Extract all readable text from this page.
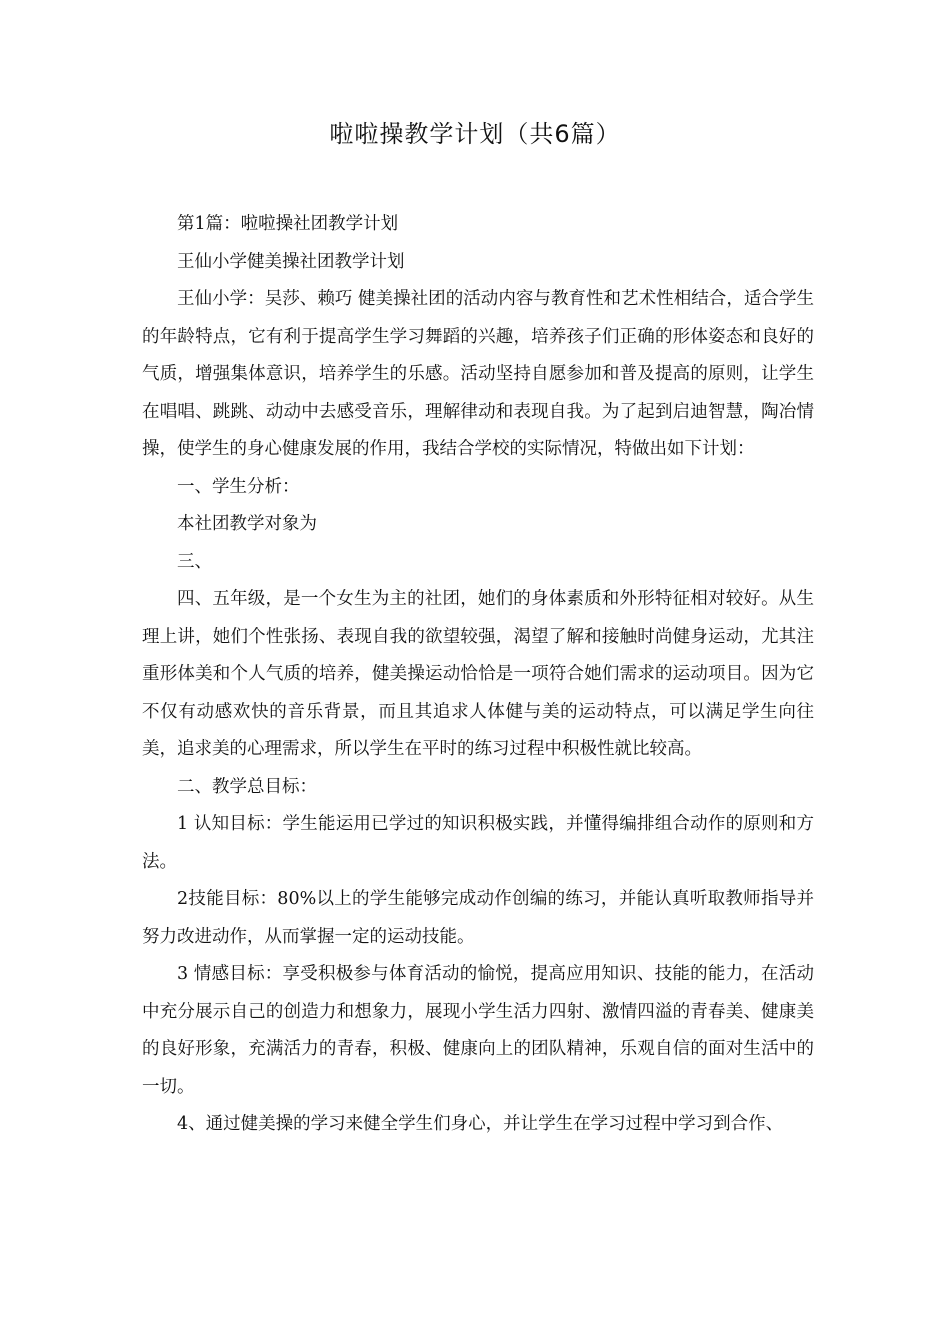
啦啦操教学计划（共6篇）

第1篇：啦啦操社团教学计划

王仙小学健美操社团教学计划

王仙小学：吴莎、赖巧 健美操社团的活动内容与教育性和艺术性相结合，适合学生的年龄特点，它有利于提高学生学习舞蹈的兴趣，培养孩子们正确的形体姿态和良好的气质，增强集体意识，培养学生的乐感。活动坚持自愿参加和普及提高的原则，让学生在唱唱、跳跳、动动中去感受音乐，理解律动和表现自我。为了起到启迪智慧，陶冶情操，使学生的身心健康发展的作用，我结合学校的实际情况，特做出如下计划：

一、学生分析：

本社团教学对象为

三、

四、五年级，是一个女生为主的社团，她们的身体素质和外形特征相对较好。从生理上讲，她们个性张扬、表现自我的欲望较强，渴望了解和接触时尚健身运动，尤其注重形体美和个人气质的培养，健美操运动恰恰是一项符合她们需求的运动项目。因为它不仅有动感欢快的音乐背景，而且其追求人体健与美的运动特点，可以满足学生向往美，追求美的心理需求，所以学生在平时的练习过程中积极性就比较高。

二、教学总目标：

1 认知目标：学生能运用已学过的知识积极实践，并懂得编排组合动作的原则和方法。

2技能目标：80%以上的学生能够完成动作创编的练习，并能认真听取教师指导并努力改进动作，从而掌握一定的运动技能。

3 情感目标：享受积极参与体育活动的愉悦，提高应用知识、技能的能力，在活动中充分展示自己的创造力和想象力，展现小学生活力四射、激情四溢的青春美、健康美的良好形象，充满活力的青春，积极、健康向上的团队精神，乐观自信的面对生活中的一切。

4、通过健美操的学习来健全学生们身心，并让学生在学习过程中学习到合作、
